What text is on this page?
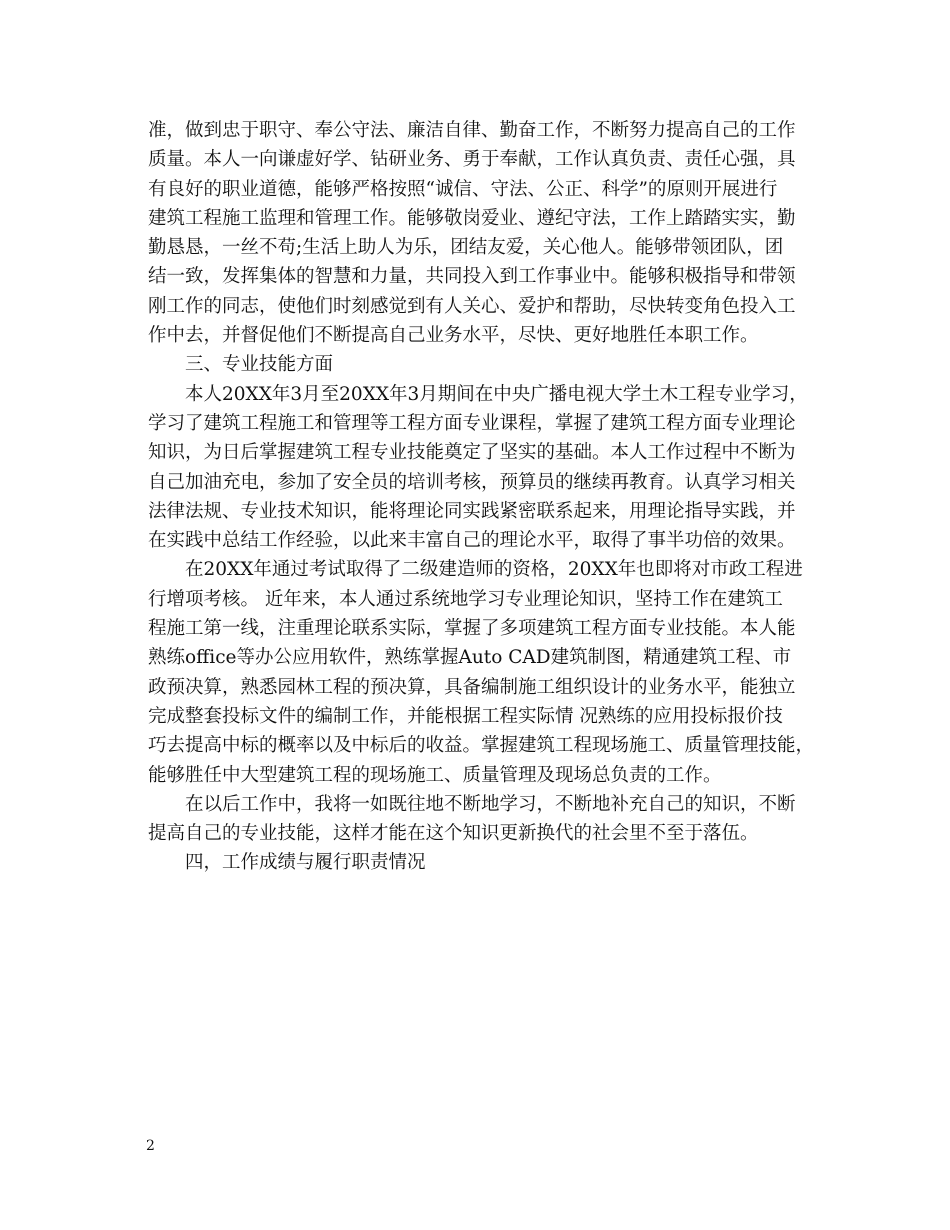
准，做到忠于职守、奉公守法、廉洁自律、勤奋工作，不断努力提高自己的工作
质量。本人一向谦虚好学、钻研业务、勇于奉献，工作认真负责、责任心强，具
有良好的职业道德，能够严格按照“诚信、守法、公正、科学”的原则开展进行
建筑工程施工监理和管理工作。能够敬岗爱业、遵纪守法，工作上踏踏实实，勤
勤恳恳，一丝不苟;生活上助人为乐，团结友爱，关心他人。能够带领团队，团
结一致，发挥集体的智慧和力量，共同投入到工作事业中。能够积极指导和带领
刚工作的同志，使他们时刻感觉到有人关心、爱护和帮助，尽快转变角色投入工
作中去，并督促他们不断提高自己业务水平，尽快、更好地胜任本职工作。
三、专业技能方面
本人20XX年3月至20XX年3月期间在中央广播电视大学土木工程专业学习，
学习了建筑工程施工和管理等工程方面专业课程，掌握了建筑工程方面专业理论
知识，为日后掌握建筑工程专业技能奠定了坚实的基础。本人工作过程中不断为
自己加油充电，参加了安全员的培训考核，预算员的继续再教育。认真学习相关
法律法规、专业技术知识，能将理论同实践紧密联系起来，用理论指导实践，并
在实践中总结工作经验，以此来丰富自己的理论水平，取得了事半功倍的效果。
在20XX年通过考试取得了二级建造师的资格，20XX年也即将对市政工程进
行增项考核。 近年来，本人通过系统地学习专业理论知识，坚持工作在建筑工
程施工第一线，注重理论联系实际，掌握了多项建筑工程方面专业技能。本人能
熟练office等办公应用软件，熟练掌握Auto CAD建筑制图，精通建筑工程、市
政预决算，熟悉园林工程的预决算，具备编制施工组织设计的业务水平，能独立
完成整套投标文件的编制工作，并能根据工程实际情 况熟练的应用投标报价技
巧去提高中标的概率以及中标后的收益。掌握建筑工程现场施工、质量管理技能，
能够胜任中大型建筑工程的现场施工、质量管理及现场总负责的工作。
在以后工作中，我将一如既往地不断地学习，不断地补充自己的知识，不断
提高自己的专业技能，这样才能在这个知识更新换代的社会里不至于落伍。
四，工作成绩与履行职责情况
2
